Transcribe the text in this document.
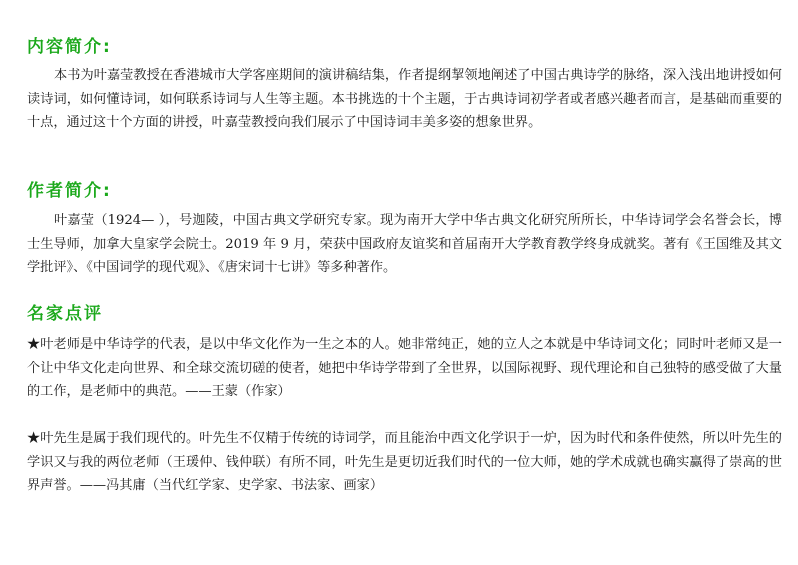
内容简介:

本书为叶嘉莹教授在香港城市大学客座期间的演讲稿结集，作者提纲挈领地阐述了中国古典诗学的脉络，深入浅出地讲授如何读诗词，如何懂诗词，如何联系诗词与人生等主题。本书挑选的十个主题，于古典诗词初学者或者感兴趣者而言，是基础而重要的十点，通过这十个方面的讲授，叶嘉莹教授向我们展示了中国诗词丰美多姿的想象世界。

作者简介:

叶嘉莹（1924— ），号迦陵，中国古典文学研究专家。现为南开大学中华古典文化研究所所长，中华诗词学会名誉会长，博士生导师，加拿大皇家学会院士。2019 年 9 月，荣获中国政府友谊奖和首届南开大学教育教学终身成就奖。著有《王国维及其文学批评》、《中国词学的现代观》、《唐宋词十七讲》等多种著作。

名家点评

★叶老师是中华诗学的代表，是以中华文化作为一生之本的人。她非常纯正，她的立人之本就是中华诗词文化；同时叶老师又是一个让中华文化走向世界、和全球交流切磋的使者，她把中华诗学带到了全世界，以国际视野、现代理论和自己独特的感受做了大量的工作，是老师中的典范。——王蒙（作家）

★叶先生是属于我们现代的。叶先生不仅精于传统的诗词学，而且能治中西文化学识于一炉，因为时代和条件使然，所以叶先生的学识又与我的两位老师（王瑗仲、钱仲联）有所不同，叶先生是更切近我们时代的一位大师，她的学术成就也确实赢得了崇高的世界声誉。——冯其庸（当代红学家、史学家、书法家、画家）
